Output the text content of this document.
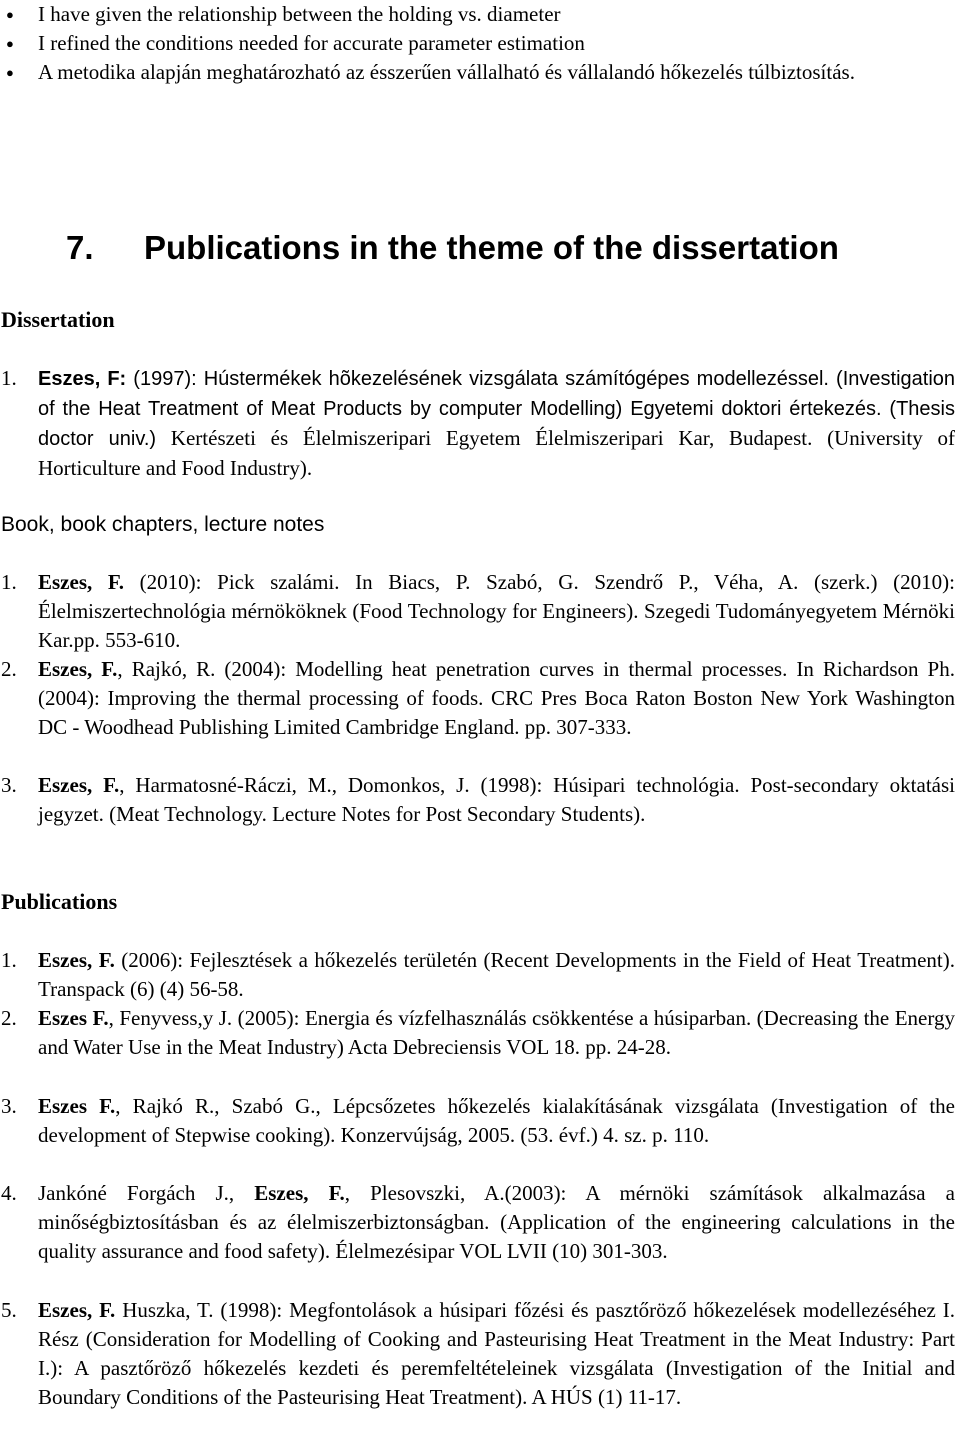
● I have given the relationship between the holding vs. diameter
● I refined the conditions needed for accurate parameter estimation
● A metodika alapján meghatározható az ésszerűen vállalható és vállalandó hőkezelés túlbiztosítás.
7. Publications in the theme of the dissertation
Dissertation
1. Eszes, F: (1997): Hústermékek hõkezelésének vizsgálata számítógépes modellezéssel. (Investigation of the Heat Treatment of Meat Products by computer Modelling) Egyetemi doktori értekezés. (Thesis doctor univ.) Kertészeti és Élelmiszeripari Egyetem Élelmiszeripari Kar, Budapest. (University of Horticulture and Food Industry).
Book, book chapters, lecture notes
1. Eszes, F. (2010): Pick szalámi. In Biacs, P. Szabó, G. Szendrő P., Véha, A. (szerk.) (2010): Élelmiszertechnológia mérnököknek (Food Technology for Engineers). Szegedi Tudományegyetem Mérnöki Kar.pp. 553-610.
2. Eszes, F., Rajkó, R. (2004): Modelling heat penetration curves in thermal processes. In Richardson Ph. (2004): Improving the thermal processing of foods. CRC Pres Boca Raton Boston New York Washington DC - Woodhead Publishing Limited Cambridge England. pp. 307-333.
3. Eszes, F., Harmatosné-Ráczi, M., Domonkos, J. (1998): Húsipari technológia. Post-secondary oktatási jegyzet. (Meat Technology. Lecture Notes for Post Secondary Students).
Publications
1. Eszes, F. (2006): Fejlesztések a hőkezelés területén (Recent Developments in the Field of Heat Treatment). Transpack (6) (4) 56-58.
2. Eszes F., Fenyvess,y J. (2005): Energia és vízfelhasználás csökkentése a húsiparban. (Decreasing the Energy and Water Use in the Meat Industry) Acta Debreciensis VOL 18. pp. 24-28.
3. Eszes F., Rajkó R., Szabó G., Lépcsőzetes hőkezelés kialakításának vizsgálata (Investigation of the development of Stepwise cooking). Konzervújság, 2005. (53. évf.) 4. sz. p. 110.
4. Jankóné Forgách J., Eszes, F., Plesovszki, A.(2003): A mérnöki számítások alkalmazása a minőségbiztosításban és az élelmiszerbiztonságban. (Application of the engineering calculations in the quality assurance and food safety). Élelmezésipar VOL LVII (10) 301-303.
5. Eszes, F. Huszka, T. (1998): Megfontolások a húsipari főzési és pasztőröző hőkezelések modellezéséhez I. Rész (Consideration for Modelling of Cooking and Pasteurising Heat Treatment in the Meat Industry: Part I.): A pasztőröző hőkezelés kezdeti és peremfeltételeinek vizsgálata (Investigation of the Initial and Boundary Conditions of the Pasteurising Heat Treatment). A HÚS (1) 11-17.
